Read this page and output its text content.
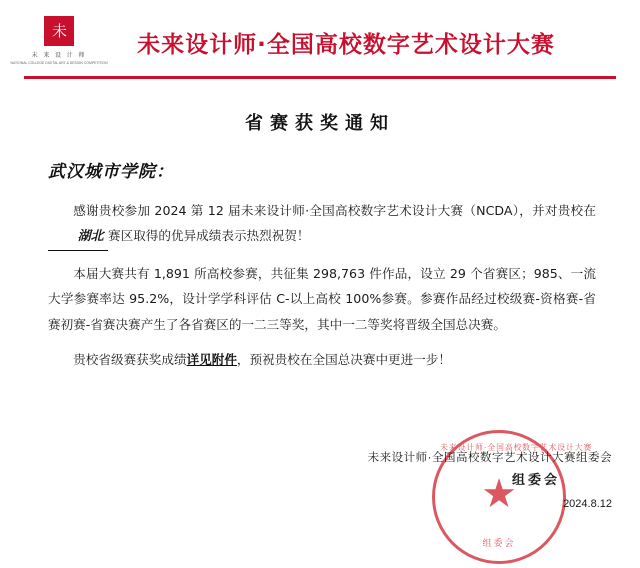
未
未 来 设 计 师
NATIONAL COLLEGE DIGITAL ART & DESIGN COMPETITION
未来设计师·全国高校数字艺术设计大赛
省赛获奖通知
武汉城市学院：

感谢贵校参加 2024 第 12 届未来设计师·全国高校数字艺术设计大赛（NCDA），并对贵校在湖北 赛区取得的优异成绩表示热烈祝贺！

本届大赛共有 1,891 所高校参赛，共征集 298,763 件作品，设立 29 个省赛区；985、一流大学参赛率达 95.2%，设计学学科评估 C-以上高校 100%参赛。参赛作品经过校级赛-资格赛-省赛初赛-省赛决赛产生了各省赛区的一二三等奖，其中一二等奖将晋级全国总决赛。

贵校省级赛获奖成绩详见附件，预祝贵校在全国总决赛中更进一步！

未来设计师·全国高校数字艺术设计大赛
★
组委会
未来设计师·全国高校数字艺术设计大赛组委会
组委会
2024.8.12
